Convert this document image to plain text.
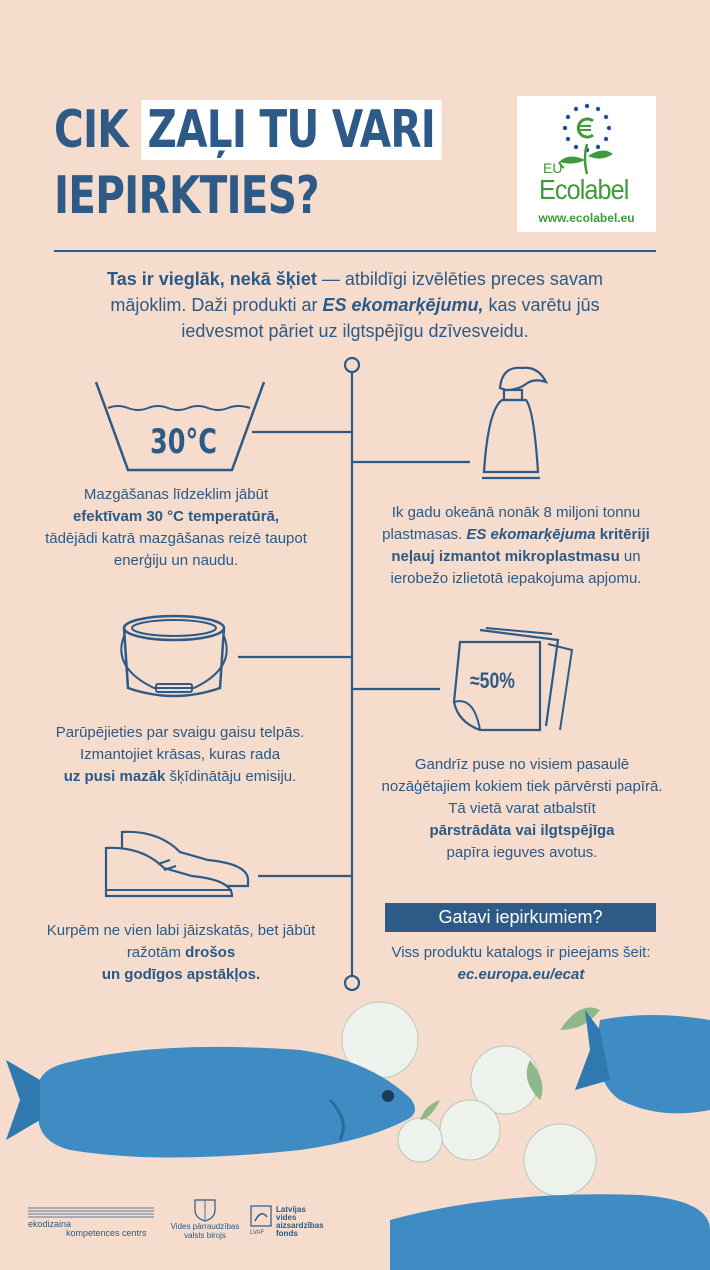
CIK ZAĻI TU VARI
IEPIRKTIES?	EU
Ecolabel
www.ecolabel.eu
Tas ir vieglāk, nekā šķiet — atbildīgi izvēlēties preces savam mājoklim. Daži produkti ar ES ekomarķējumu, kas varētu jūs iedvesmot pāriet uz ilgtspējīgu dzīvesveidu.
30°C
Mazgāšanas līdzeklim jābūt
efektīvam 30 °C temperatūrā,
tādējādi katrā mazgāšanas reizē taupot enerģiju un naudu.
Ik gadu okeānā nonāk 8 miljoni tonnu plastmasas. ES ekomarķējuma kritēriji neļauj izmantot mikroplastmasu un ierobežo izlietotā iepakojuma apjomu.
Parūpējieties par svaigu gaisu telpās. Izmantojiet krāsas, kuras rada
uz pusi mazāk šķīdinātāju emisiju.
≈50%
Gandrīz puse no visiem pasaulē nozāģētajiem kokiem tiek pārvērsti papīrā. Tā vietā varat atbalstīt
pārstrādāta vai ilgtspējīga
papīra ieguves avotus.
Kurpēm ne vien labi jāizskatās, bet jābūt ražotām drošos
un godīgos apstākļos.
Gatavi iepirkumiem?
Viss produktu katalogs ir pieejams šeit:
ec.europa.eu/ecat
ekodizaina
kompetences centrs
Vides pārraudzības
valsts birojs	LVAF
Latvijas
vides
aizsardzības
fonds
